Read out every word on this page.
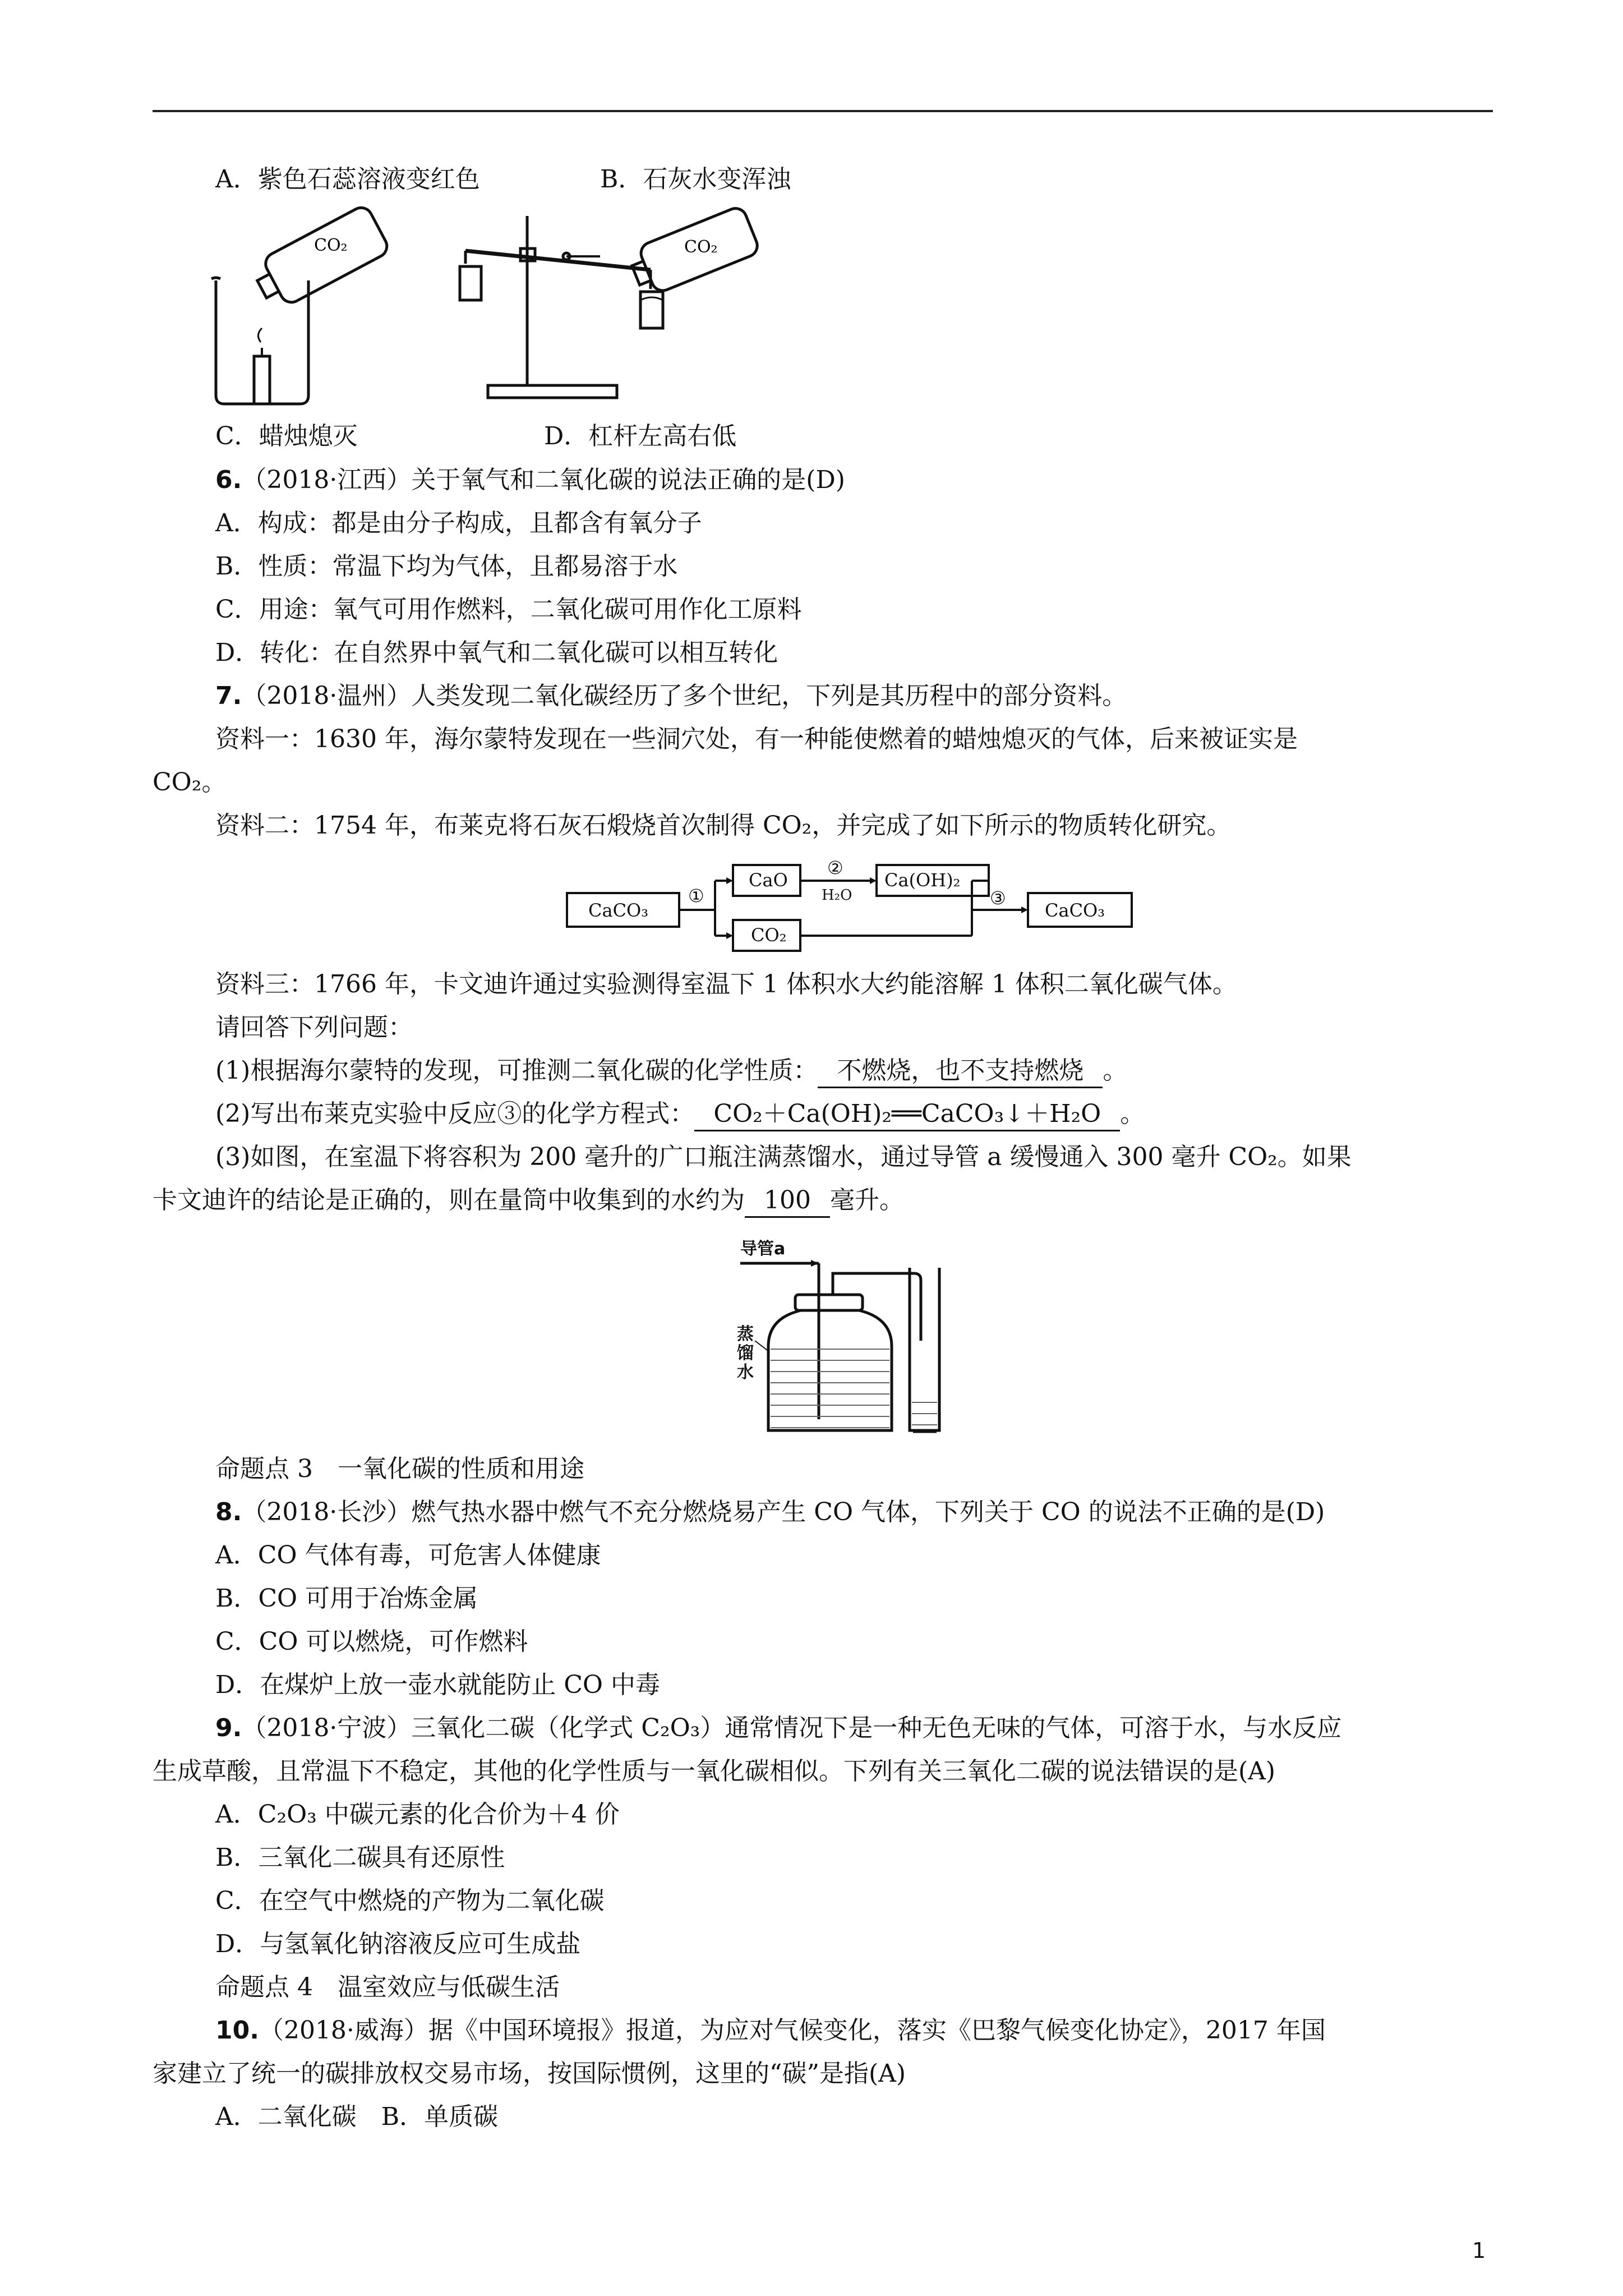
A．紫色石蕊溶液变红色	B．石灰水变浑浊
CO₂	CO₂
C．蜡烛熄灭	D．杠杆左高右低
6.（2018·江西）关于氧气和二氧化碳的说法正确的是(D)
A．构成：都是由分子构成，且都含有氧分子
B．性质：常温下均为气体，且都易溶于水
C．用途：氧气可用作燃料，二氧化碳可用作化工原料
D．转化：在自然界中氧气和二氧化碳可以相互转化
7.（2018·温州）人类发现二氧化碳经历了多个世纪，下列是其历程中的部分资料。
资料一：1630 年，海尔蒙特发现在一些洞穴处，有一种能使燃着的蜡烛熄灭的气体，后来被证实是
CO₂。
资料二：1754 年，布莱克将石灰石煅烧首次制得 CO₂，并完成了如下所示的物质转化研究。
CaCO₃
①
CaO
②
H₂O
Ca(OH)₂
③
CaCO₃
CO₂
资料三：1766 年，卡文迪许通过实验测得室温下 1 体积水大约能溶解 1 体积二氧化碳气体。
请回答下列问题：
(1)根据海尔蒙特的发现，可推测二氧化碳的化学性质： 不燃烧，也不支持燃烧 。
(2)写出布莱克实验中反应③的化学方程式： CO₂＋Ca(OH)₂══CaCO₃↓＋H₂O 。
(3)如图，在室温下将容积为 200 毫升的广口瓶注满蒸馏水，通过导管 a 缓慢通入 300 毫升 CO₂。如果
卡文迪许的结论是正确的，则在量筒中收集到的水约为 100 毫升。
导管a
蒸
馏
水
命题点 3　一氧化碳的性质和用途
8.（2018·长沙）燃气热水器中燃气不充分燃烧易产生 CO 气体，下列关于 CO 的说法不正确的是(D)
A．CO 气体有毒，可危害人体健康
B．CO 可用于冶炼金属
C．CO 可以燃烧，可作燃料
D．在煤炉上放一壶水就能防止 CO 中毒
9.（2018·宁波）三氧化二碳（化学式 C₂O₃）通常情况下是一种无色无味的气体，可溶于水，与水反应
生成草酸，且常温下不稳定，其他的化学性质与一氧化碳相似。下列有关三氧化二碳的说法错误的是(A)
A．C₂O₃ 中碳元素的化合价为＋4 价
B．三氧化二碳具有还原性
C．在空气中燃烧的产物为二氧化碳
D．与氢氧化钠溶液反应可生成盐
命题点 4　温室效应与低碳生活
10.（2018·威海）据《中国环境报》报道，为应对气候变化，落实《巴黎气候变化协定》，2017 年国
家建立了统一的碳排放权交易市场，按国际惯例，这里的“碳”是指(A)
A．二氧化碳　B．单质碳
1
